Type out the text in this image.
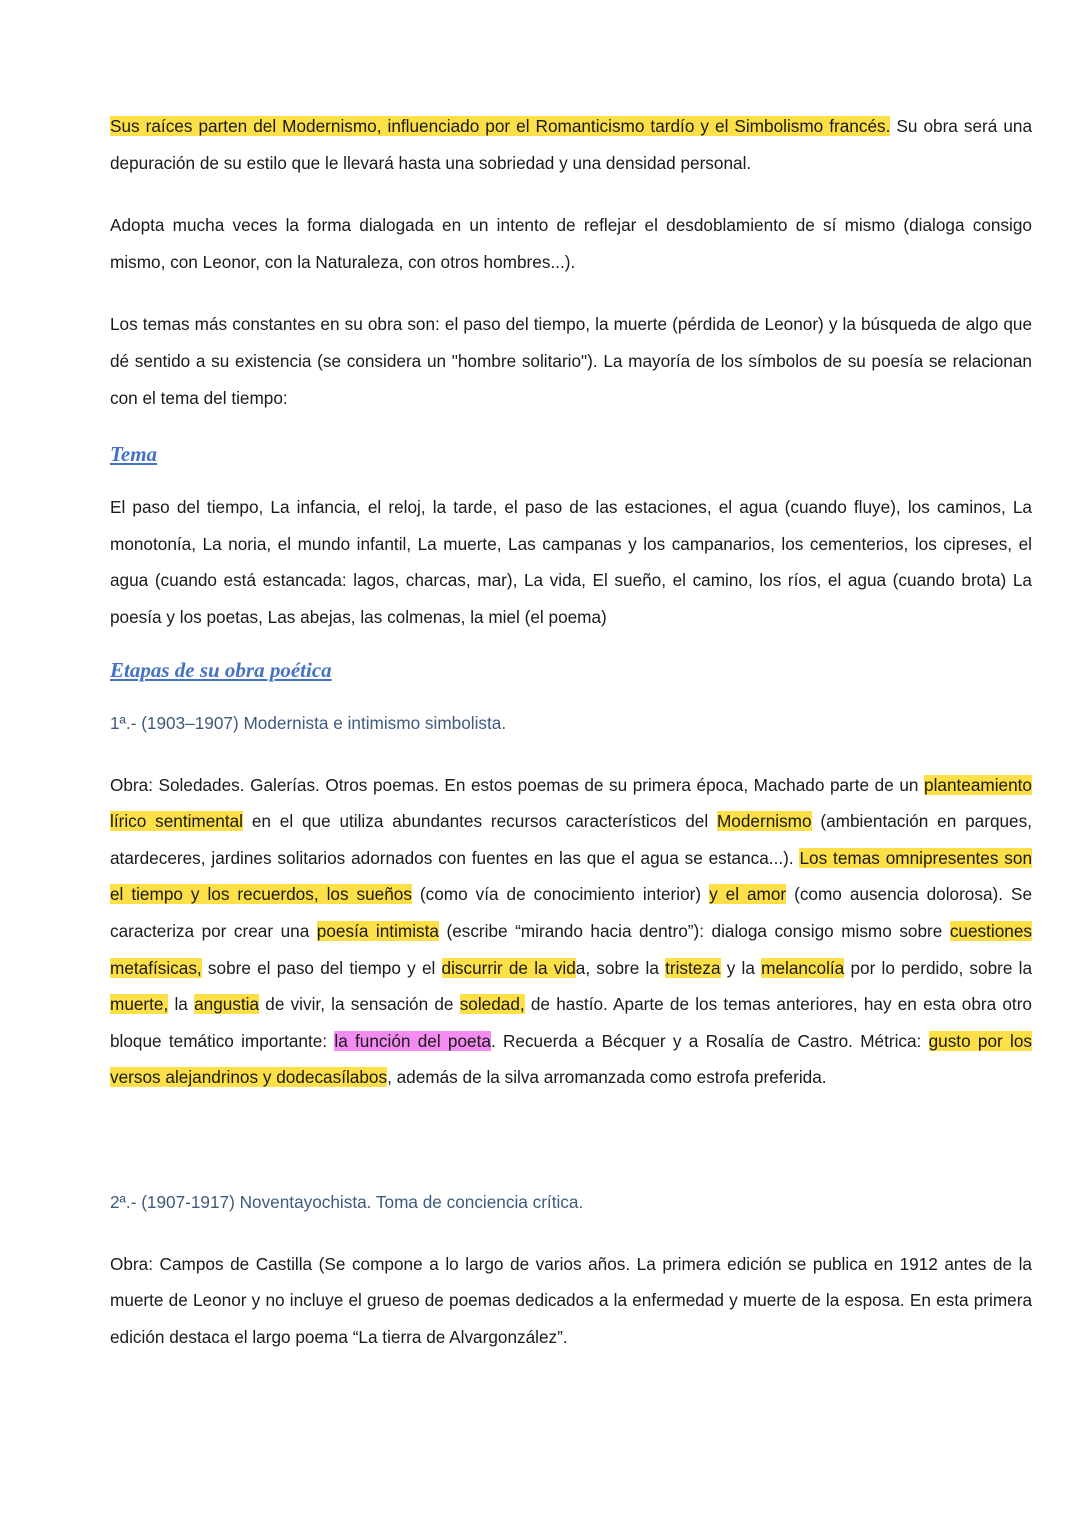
Sus raíces parten del Modernismo, influenciado por el Romanticismo tardío y el Simbolismo francés. Su obra será una depuración de su estilo que le llevará hasta una sobriedad y una densidad personal.

Adopta mucha veces la forma dialogada en un intento de reflejar el desdoblamiento de sí mismo (dialoga consigo mismo, con Leonor, con la Naturaleza, con otros hombres...).

Los temas más constantes en su obra son: el paso del tiempo, la muerte (pérdida de Leonor) y la búsqueda de algo que dé sentido a su existencia (se considera un "hombre solitario"). La mayoría de los símbolos de su poesía se relacionan con el tema del tiempo:

Tema

El paso del tiempo, La infancia, el reloj, la tarde, el paso de las estaciones, el agua (cuando fluye), los caminos, La monotonía, La noria, el mundo infantil, La muerte, Las campanas y los campanarios, los cementerios, los cipreses, el agua (cuando está estancada: lagos, charcas, mar), La vida, El sueño, el camino, los ríos, el agua (cuando brota) La poesía y los poetas, Las abejas, las colmenas, la miel (el poema)

Etapas de su obra poética

1ª.- (1903–1907) Modernista e intimismo simbolista.

Obra: Soledades. Galerías. Otros poemas. En estos poemas de su primera época, Machado parte de un planteamiento lírico sentimental en el que utiliza abundantes recursos característicos del Modernismo (ambientación en parques, atardeceres, jardines solitarios adornados con fuentes en las que el agua se estanca...). Los temas omnipresentes son el tiempo y los recuerdos, los sueños (como vía de conocimiento interior) y el amor (como ausencia dolorosa). Se caracteriza por crear una poesía intimista (escribe “mirando hacia dentro”): dialoga consigo mismo sobre cuestiones metafísicas, sobre el paso del tiempo y el discurrir de la vida, sobre la tristeza y la melancolía por lo perdido, sobre la muerte, la angustia de vivir, la sensación de soledad, de hastío. Aparte de los temas anteriores, hay en esta obra otro bloque temático importante: la función del poeta. Recuerda a Bécquer y a Rosalía de Castro. Métrica: gusto por los versos alejandrinos y dodecasílabos, además de la silva arromanzada como estrofa preferida.

2ª.- (1907-1917) Noventayochista. Toma de conciencia crítica.

Obra: Campos de Castilla (Se compone a lo largo de varios años. La primera edición se publica en 1912 antes de la muerte de Leonor y no incluye el grueso de poemas dedicados a la enfermedad y muerte de la esposa. En esta primera edición destaca el largo poema “La tierra de Alvargonzález”.
